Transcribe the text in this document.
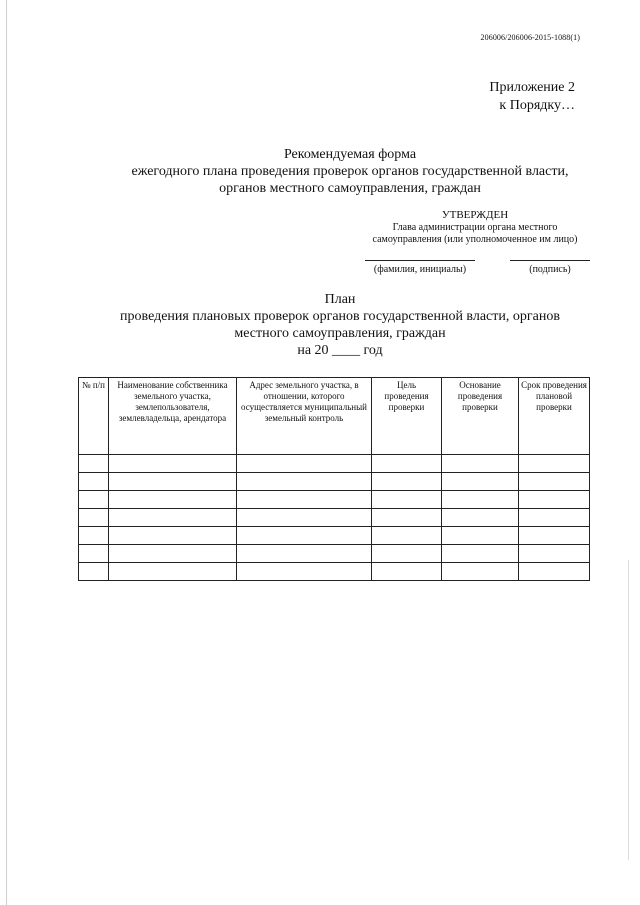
206006/206006-2015-1088(1)
Приложение 2
к Порядку…
Рекомендуемая форма
ежегодного плана проведения проверок органов государственной власти,
органов местного самоуправления, граждан
УТВЕРЖДЕН
Глава администрации органа местного
самоуправления (или уполномоченное им лицо)
(фамилия, инициалы)	(подпись)
План
проведения плановых проверок органов государственной власти, органов
местного самоуправления, граждан
на 20 ____ год
№ п/п	Наименование собственника земельного участка, землепользователя, землевладельца, арендатора	Адрес земельного участка, в отношении, которого осуществляется муниципальный земельный контроль	Цель проведения проверки	Основание проведения проверки	Срок проведения плановой проверки
